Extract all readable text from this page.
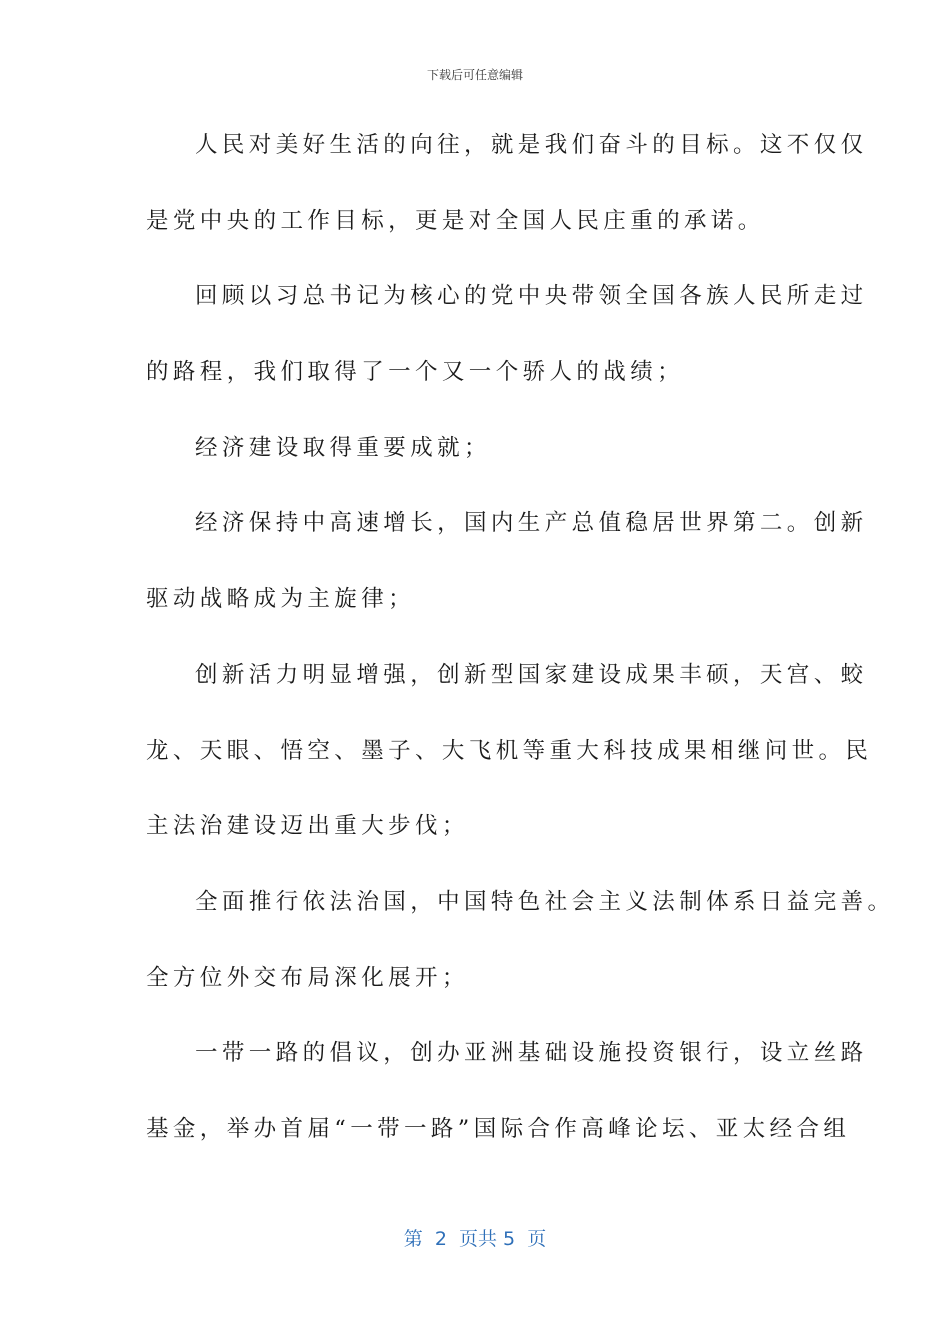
下载后可任意编辑
人民对美好生活的向往，就是我们奋斗的目标。这不仅仅
是党中央的工作目标，更是对全国人民庄重的承诺。
回顾以习总书记为核心的党中央带领全国各族人民所走过
的路程，我们取得了一个又一个骄人的战绩；
经济建设取得重要成就；
经济保持中高速增长，国内生产总值稳居世界第二。创新
驱动战略成为主旋律；
创新活力明显增强，创新型国家建设成果丰硕，天宫、蛟
龙、天眼、悟空、墨子、大飞机等重大科技成果相继问世。民
主法治建设迈出重大步伐；
全面推行依法治国，中国特色社会主义法制体系日益完善。
全方位外交布局深化展开；
一带一路的倡议，创办亚洲基础设施投资银行，设立丝路
基金，举办首届“一带一路”国际合作高峰论坛、亚太经合组
第  2  页共 5  页
